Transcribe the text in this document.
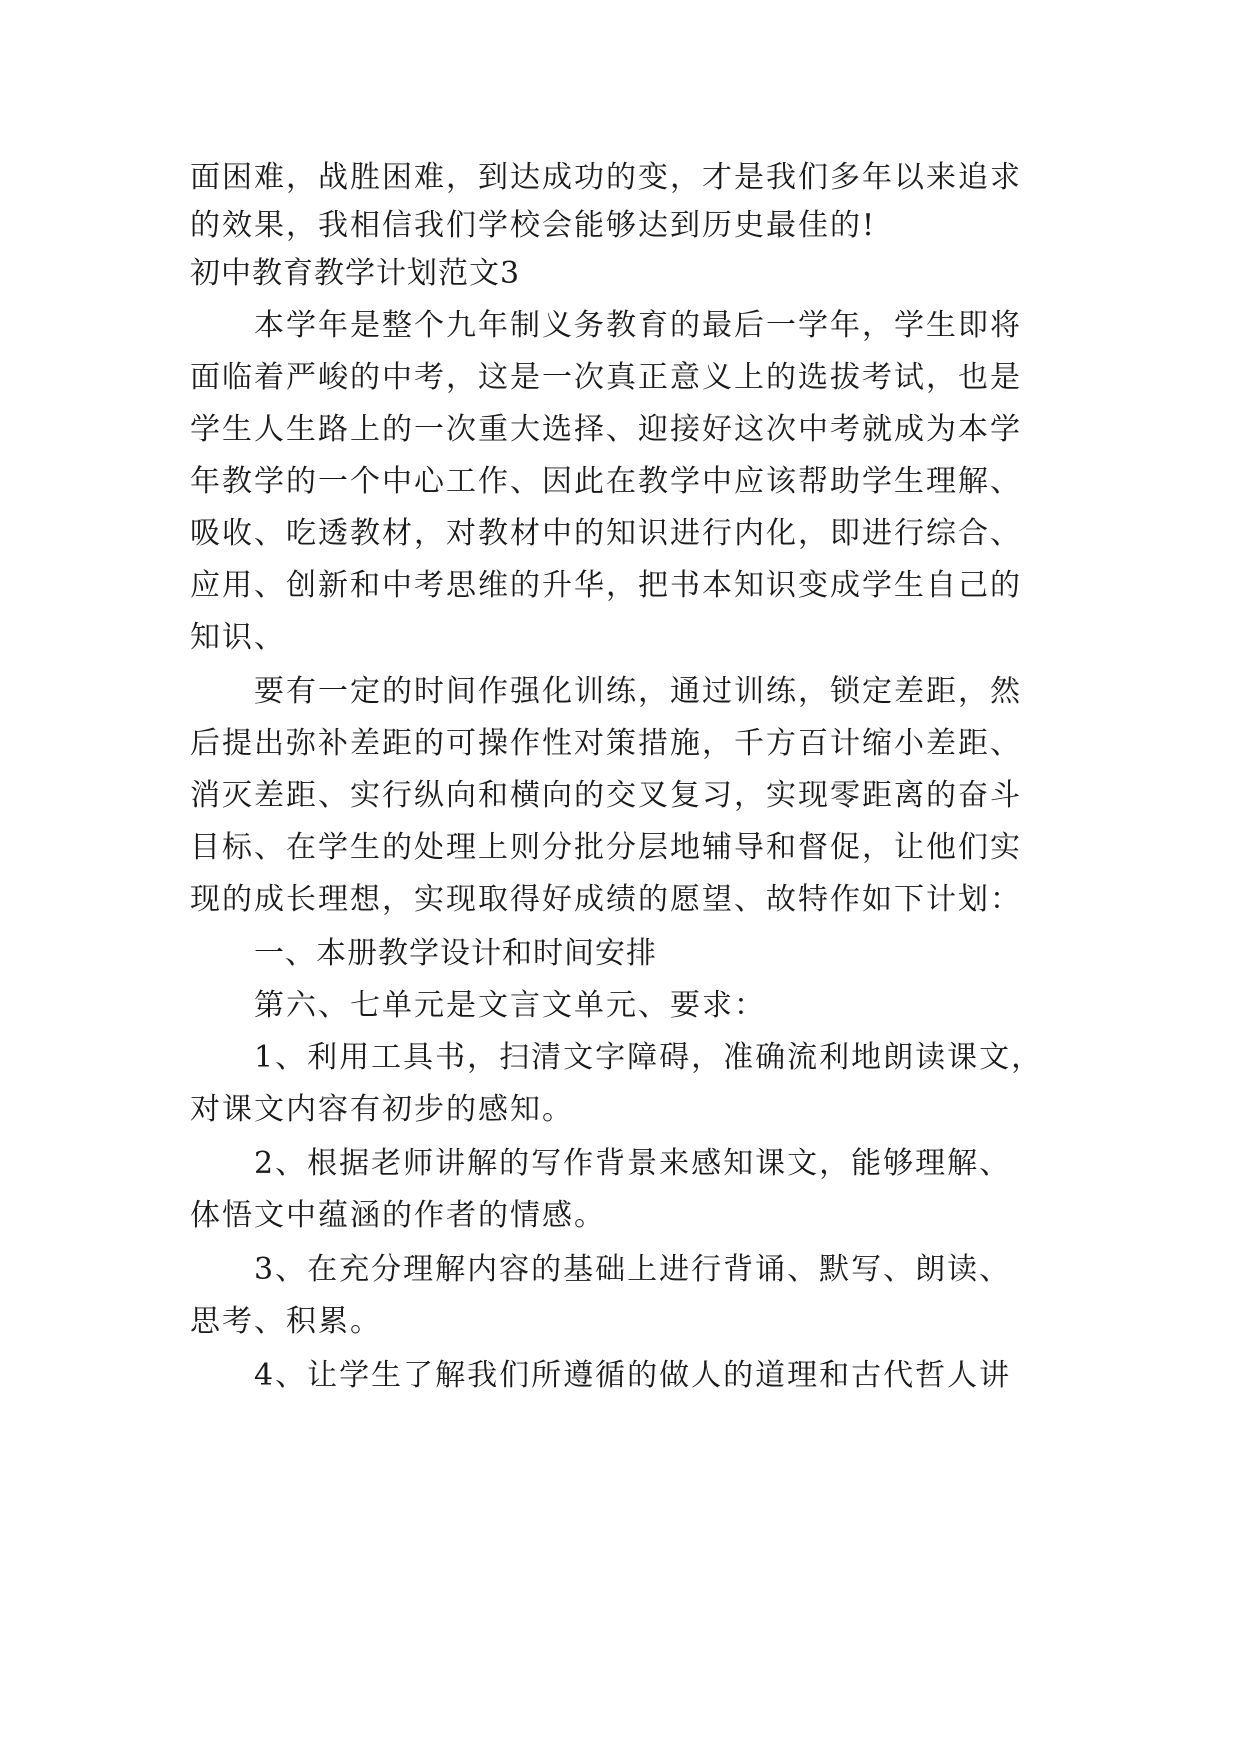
面困难，战胜困难，到达成功的变，才是我们多年以来追求
的效果，我相信我们学校会能够达到历史最佳的!
初中教育教学计划范文3
本学年是整个九年制义务教育的最后一学年，学生即将
面临着严峻的中考，这是一次真正意义上的选拔考试，也是
学生人生路上的一次重大选择、迎接好这次中考就成为本学
年教学的一个中心工作、因此在教学中应该帮助学生理解、
吸收、吃透教材，对教材中的知识进行内化，即进行综合、
应用、创新和中考思维的升华，把书本知识变成学生自己的
知识、
要有一定的时间作强化训练，通过训练，锁定差距，然
后提出弥补差距的可操作性对策措施，千方百计缩小差距、
消灭差距、实行纵向和横向的交叉复习，实现零距离的奋斗
目标、在学生的处理上则分批分层地辅导和督促，让他们实
现的成长理想，实现取得好成绩的愿望、故特作如下计划：
一、本册教学设计和时间安排
第六、七单元是文言文单元、要求：
1、利用工具书，扫清文字障碍，准确流利地朗读课文，
对课文内容有初步的感知。
2、根据老师讲解的写作背景来感知课文，能够理解、
体悟文中蕴涵的作者的情感。
3、在充分理解内容的基础上进行背诵、默写、朗读、
思考、积累。
4、让学生了解我们所遵循的做人的道理和古代哲人讲
